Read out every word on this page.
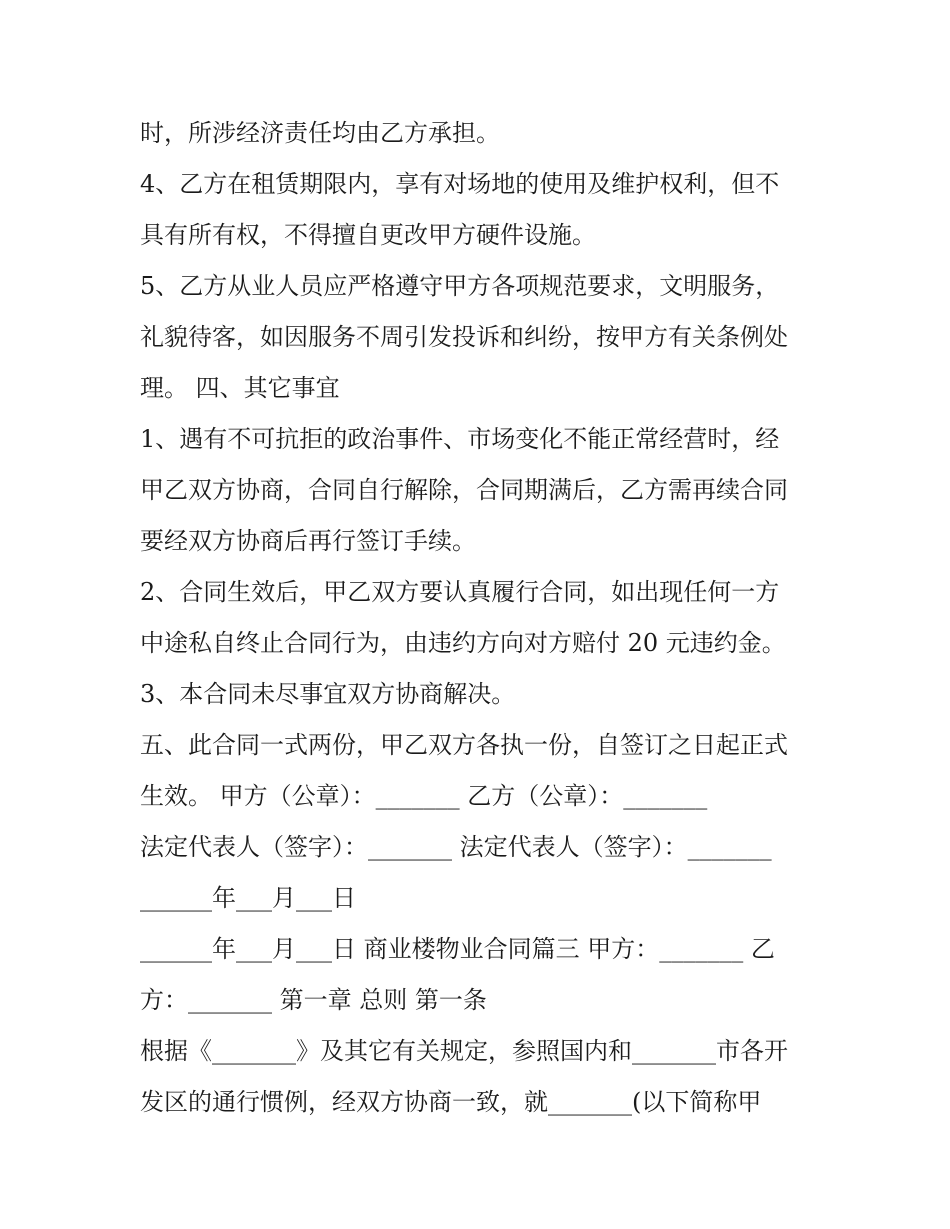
时，所涉经济责任均由乙方承担。
4、乙方在租赁期限内，享有对场地的使用及维护权利，但不
具有所有权，不得擅自更改甲方硬件设施。
5、乙方从业人员应严格遵守甲方各项规范要求，文明服务，
礼貌待客，如因服务不周引发投诉和纠纷，按甲方有关条例处
理。 四、其它事宜
1、遇有不可抗拒的政治事件、市场变化不能正常经营时，经
甲乙双方协商，合同自行解除，合同期满后，乙方需再续合同
要经双方协商后再行签订手续。
2、合同生效后，甲乙双方要认真履行合同，如出现任何一方
中途私自终止合同行为，由违约方向对方赔付 20 元违约金。
3、本合同未尽事宜双方协商解决。
五、此合同一式两份，甲乙双方各执一份，自签订之日起正式
生效。 甲方（公章）：_______ 乙方（公章）：_______
法定代表人（签字）：_______ 法定代表人（签字）：_______
______年___月___日
______年___月___日 商业楼物业合同篇三 甲方：_______ 乙
方：_______ 第一章 总则 第一条
根据《_______》及其它有关规定，参照国内和_______市各开
发区的通行惯例，经双方协商一致，就_______(以下简称甲
